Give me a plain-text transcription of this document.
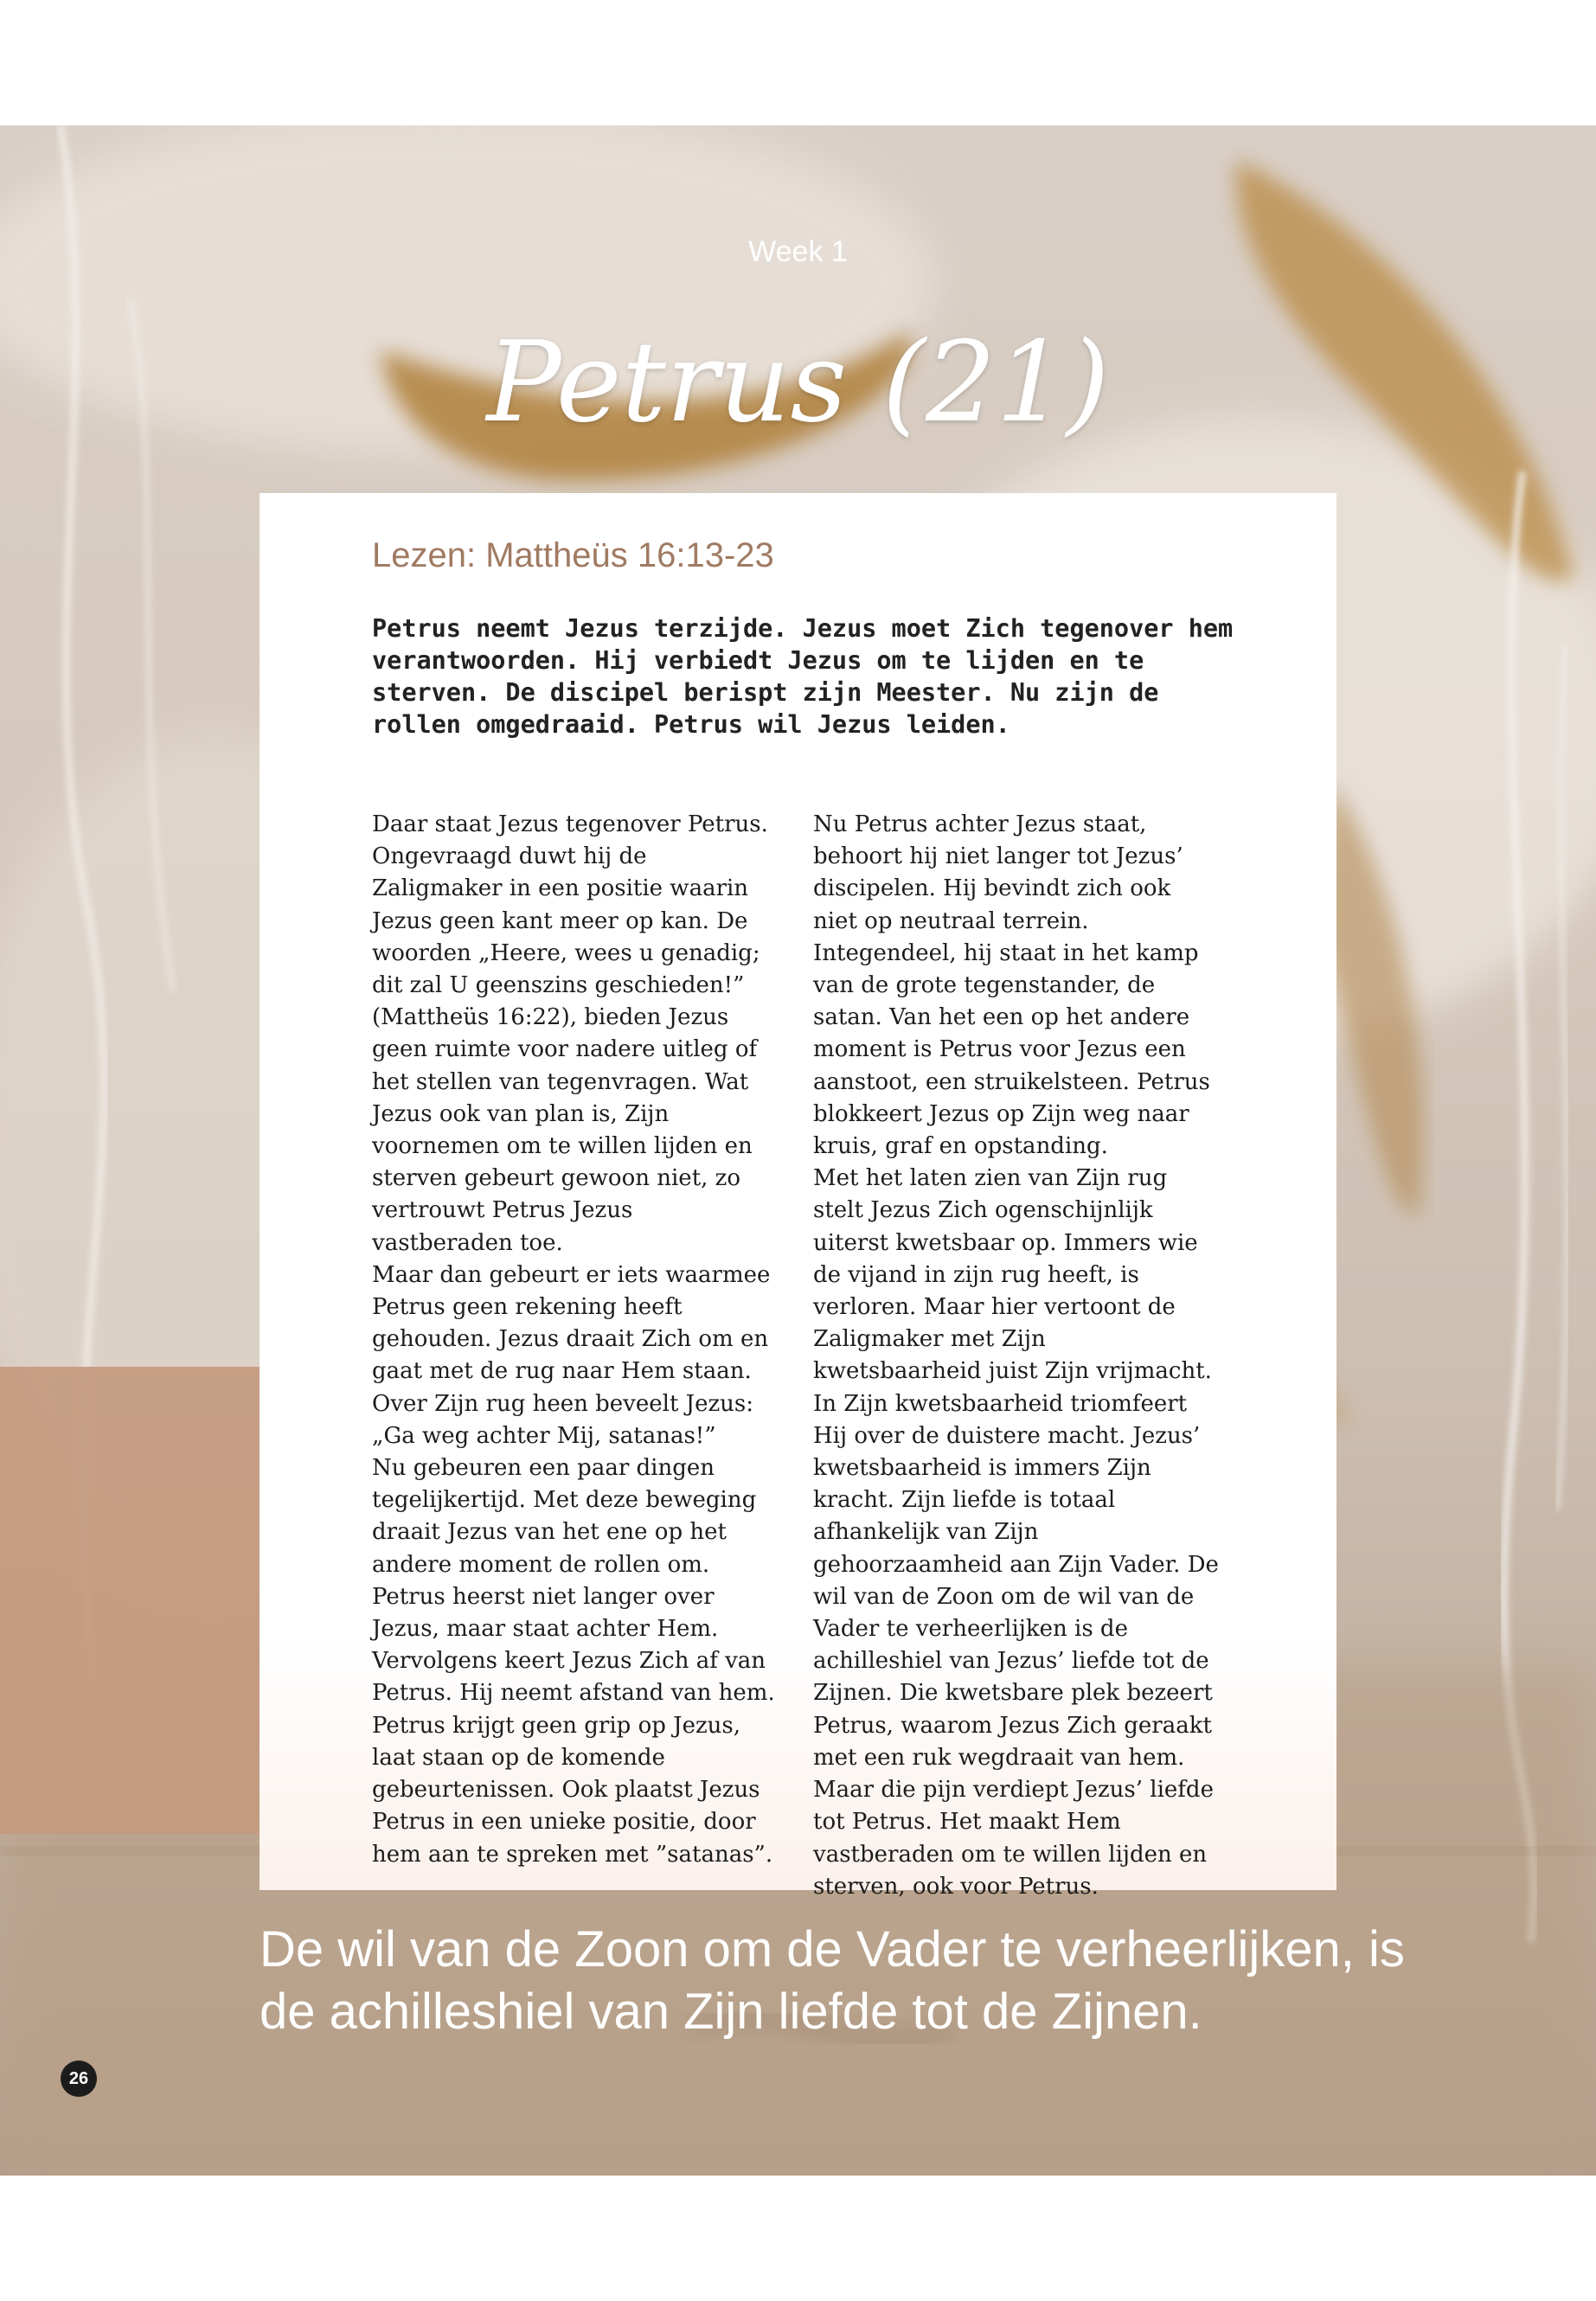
Week 1
Petrus (21)
Lezen: Mattheüs 16:13-23
Petrus neemt Jezus terzijde. Jezus moet Zich tegenover hem verantwoorden. Hij verbiedt Jezus om te lijden en te sterven. De discipel berispt zijn Meester. Nu zijn de rollen omgedraaid. Petrus wil Jezus leiden.

Daar staat Jezus tegenover Petrus. Ongevraagd duwt hij de Zaligmaker in een positie waarin Jezus geen kant meer op kan. De woorden „Heere, wees u genadig; dit zal U geenszins geschieden!” (Mattheüs 16:22), bieden Jezus geen ruimte voor nadere uitleg of het stellen van tegenvragen. Wat Jezus ook van plan is, Zijn voornemen om te willen lijden en sterven gebeurt gewoon niet, zo vertrouwt Petrus Jezus vastberaden toe.

Maar dan gebeurt er iets waarmee Petrus geen rekening heeft gehouden. Jezus draait Zich om en gaat met de rug naar Hem staan. Over Zijn rug heen beveelt Jezus: „Ga weg achter Mij, satanas!”

Nu gebeuren een paar dingen tegelijkertijd. Met deze beweging draait Jezus van het ene op het andere moment de rollen om. Petrus heerst niet langer over Jezus, maar staat achter Hem. Vervolgens keert Jezus Zich af van Petrus. Hij neemt afstand van hem. Petrus krijgt geen grip op Jezus, laat staan op de komende gebeurtenissen. Ook plaatst Jezus Petrus in een unieke positie, door hem aan te spreken met ”satanas”.

Nu Petrus achter Jezus staat, behoort hij niet langer tot Jezus’ discipelen. Hij bevindt zich ook niet op neutraal terrein. Integendeel, hij staat in het kamp van de grote tegenstander, de satan. Van het een op het andere moment is Petrus voor Jezus een aanstoot, een struikelsteen. Petrus blokkeert Jezus op Zijn weg naar kruis, graf en opstanding.

Met het laten zien van Zijn rug stelt Jezus Zich ogenschijnlijk uiterst kwetsbaar op. Immers wie de vijand in zijn rug heeft, is verloren. Maar hier vertoont de Zaligmaker met Zijn kwetsbaarheid juist Zijn vrijmacht. In Zijn kwetsbaarheid triomfeert Hij over de duistere macht. Jezus’ kwetsbaarheid is immers Zijn kracht. Zijn liefde is totaal afhankelijk van Zijn gehoorzaamheid aan Zijn Vader. De wil van de Zoon om de wil van de Vader te verheerlijken is de achilleshiel van Jezus’ liefde tot de Zijnen. Die kwetsbare plek bezeert Petrus, waarom Jezus Zich geraakt met een ruk wegdraait van hem. Maar die pijn verdiept Jezus’ liefde tot Petrus. Het maakt Hem vastberaden om te willen lijden en sterven, ook voor Petrus.

De wil van de Zoon om de Vader te verheerlijken, is de achilleshiel van Zijn liefde tot de Zijnen.
26
